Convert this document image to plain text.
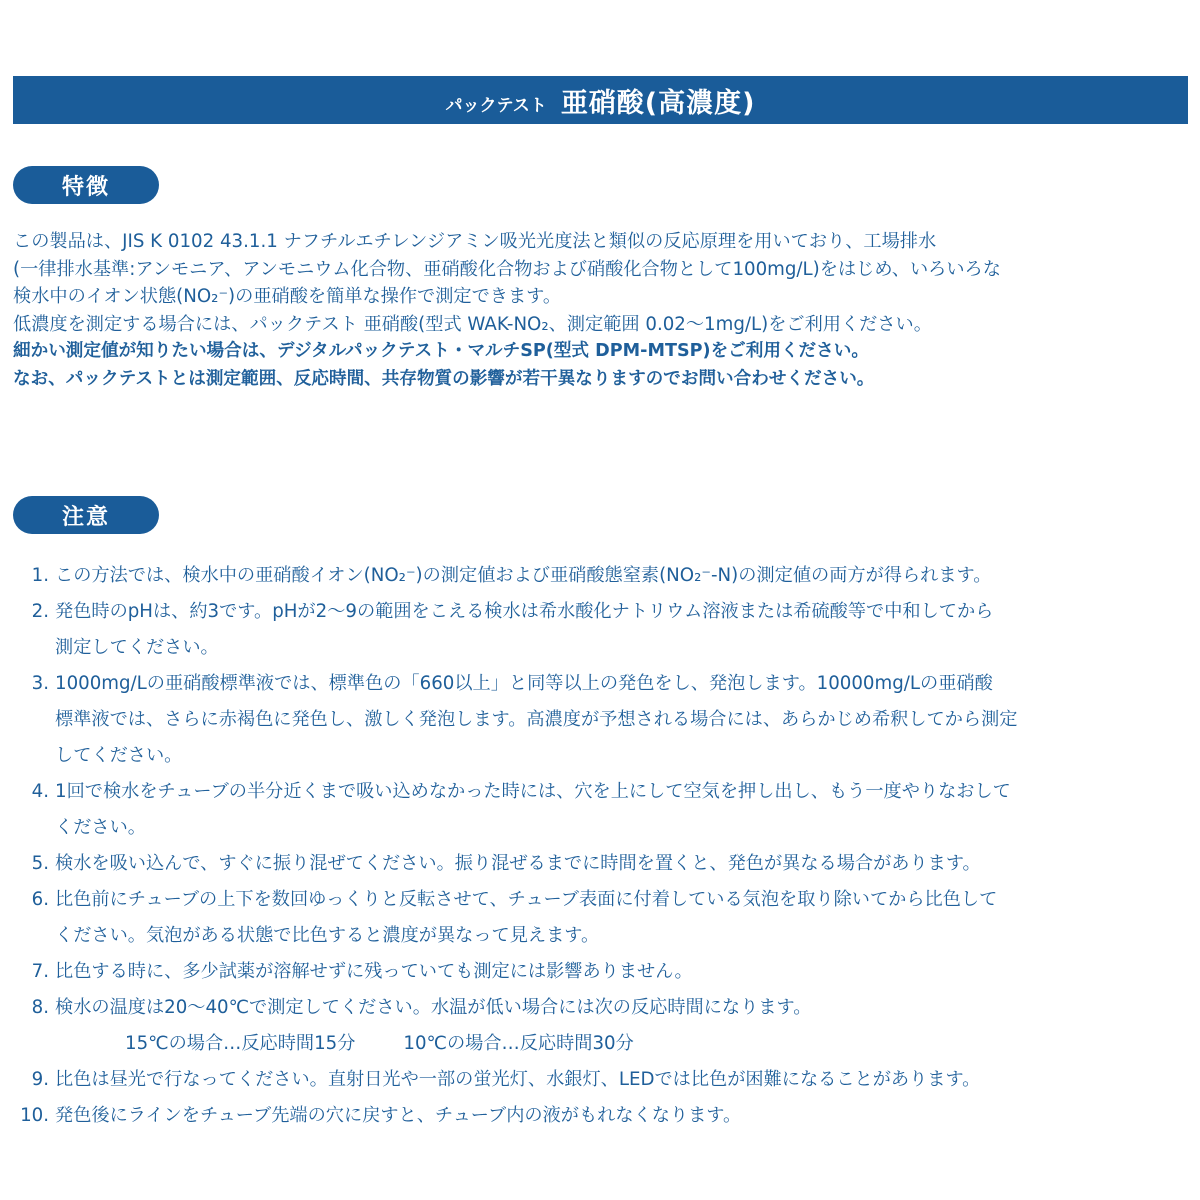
パックテスト 亜硝酸(高濃度)
特徴
この製品は、JIS K 0102 43.1.1 ナフチルエチレンジアミン吸光光度法と類似の反応原理を用いており、工場排水
(一律排水基準:アンモニア、アンモニウム化合物、亜硝酸化合物および硝酸化合物として100mg/L)をはじめ、いろいろな
検水中のイオン状態(NO₂⁻)の亜硝酸を簡単な操作で測定できます。
低濃度を測定する場合には、パックテスト 亜硝酸(型式 WAK-NO₂、測定範囲 0.02～1mg/L)をご利用ください。
細かい測定値が知りたい場合は、デジタルパックテスト・マルチSP(型式 DPM-MTSP)をご利用ください。
なお、パックテストとは測定範囲、反応時間、共存物質の影響が若干異なりますのでお問い合わせください。
注意
1. この方法では、検水中の亜硝酸イオン(NO₂⁻)の測定値および亜硝酸態窒素(NO₂⁻-N)の測定値の両方が得られます。
2. 発色時のpHは、約3です。pHが2～9の範囲をこえる検水は希水酸化ナトリウム溶液または希硫酸等で中和してから
測定してください。
3. 1000mg/Lの亜硝酸標準液では、標準色の「660以上」と同等以上の発色をし、発泡します。10000mg/Lの亜硝酸
標準液では、さらに赤褐色に発色し、激しく発泡します。高濃度が予想される場合には、あらかじめ希釈してから測定
してください。
4. 1回で検水をチューブの半分近くまで吸い込めなかった時には、穴を上にして空気を押し出し、もう一度やりなおして
ください。
5. 検水を吸い込んで、すぐに振り混ぜてください。振り混ぜるまでに時間を置くと、発色が異なる場合があります。
6. 比色前にチューブの上下を数回ゆっくりと反転させて、チューブ表面に付着している気泡を取り除いてから比色して
ください。気泡がある状態で比色すると濃度が異なって見えます。
7. 比色する時に、多少試薬が溶解せずに残っていても測定には影響ありません。
8. 検水の温度は20～40℃で測定してください。水温が低い場合には次の反応時間になります。
15℃の場合…反応時間15分	10℃の場合…反応時間30分
9. 比色は昼光で行なってください。直射日光や一部の蛍光灯、水銀灯、LEDでは比色が困難になることがあります。
10. 発色後にラインをチューブ先端の穴に戻すと、チューブ内の液がもれなくなります。
